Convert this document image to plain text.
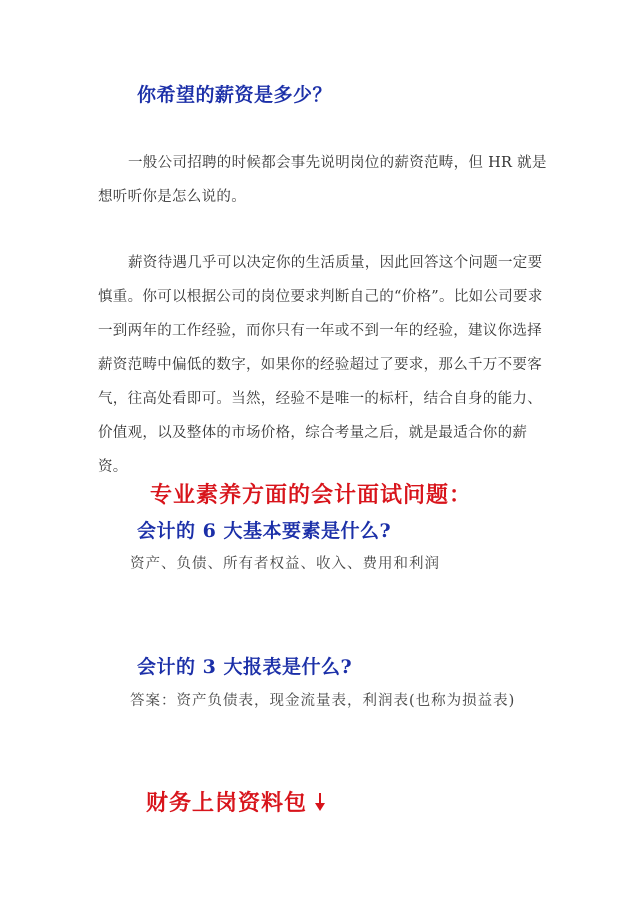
你希望的薪资是多少？

一般公司招聘的时候都会事先说明岗位的薪资范畴，但 HR 就是想听听你是怎么说的。

薪资待遇几乎可以决定你的生活质量，因此回答这个问题一定要慎重。你可以根据公司的岗位要求判断自己的“价格”。比如公司要求一到两年的工作经验，而你只有一年或不到一年的经验，建议你选择薪资范畴中偏低的数字，如果你的经验超过了要求，那么千万不要客气，往高处看即可。当然，经验不是唯一的标杆，结合自身的能力、价值观，以及整体的市场价格，综合考量之后，就是最适合你的薪资。

专业素养方面的会计面试问题：
会计的 6 大基本要素是什么?

资产、负债、所有者权益、收入、费用和利润

会计的 3 大报表是什么?

答案：资产负债表，现金流量表，利润表(也称为损益表)

财务上岗资料包
